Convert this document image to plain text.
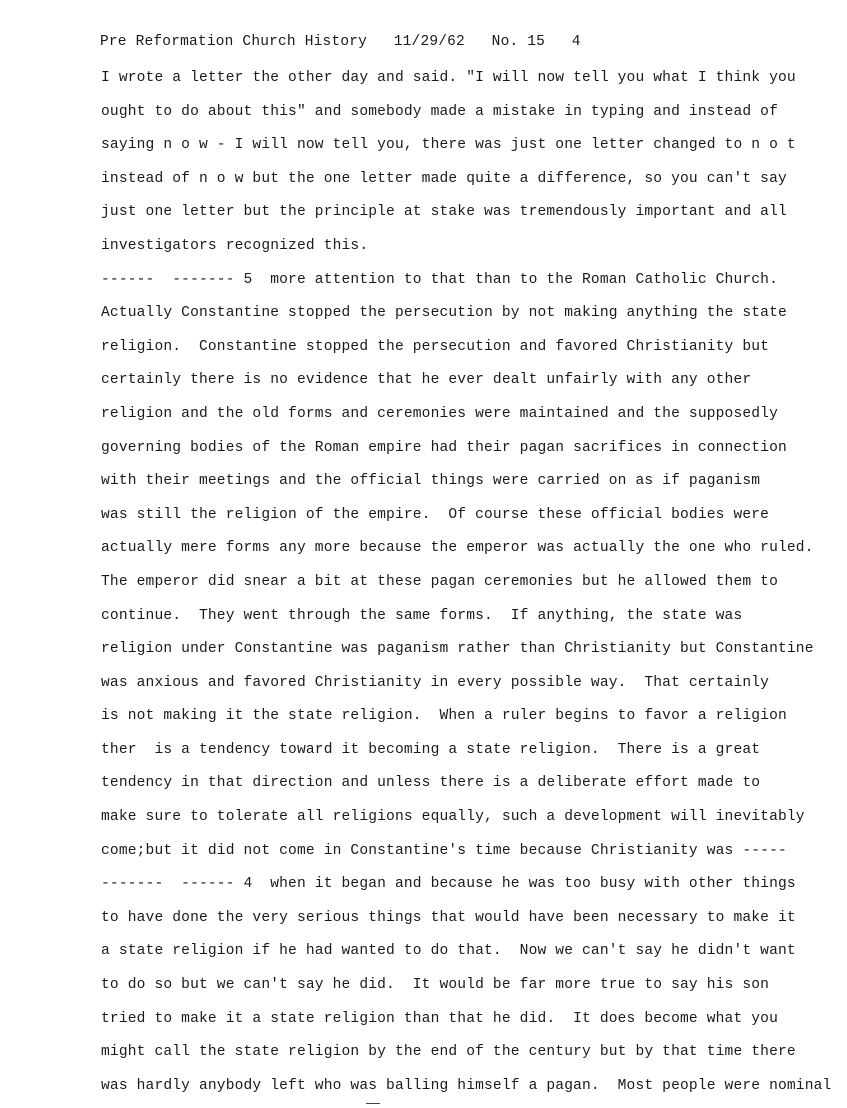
Pre Reformation Church History   11/29/62   No. 15   4
I wrote a letter the other day and said. "I will now tell you what I think you
ought to do about this" and somebody made a mistake in typing and instead of
saying n o w - I will now tell you, there was just one letter changed to n o t
instead of n o w but the one letter made quite a difference, so you can't say
just one letter but the principle at stake was tremendously important and all
investigators recognized this.
------  ------- 5  more attention to that than to the Roman Catholic Church.
Actually Constantine stopped the persecution by not making anything the state
religion.  Constantine stopped the persecution and favored Christianity but
certainly there is no evidence that he ever dealt unfairly with any other
religion and the old forms and ceremonies were maintained and the supposedly
governing bodies of the Roman empire had their pagan sacrifices in connection
with their meetings and the official things were carried on as if paganism
was still the religion of the empire.  Of course these official bodies were
actually mere forms any more because the emperor was actually the one who ruled.
The emperor did snear a bit at these pagan ceremonies but he allowed them to
continue.  They went through the same forms.  If anything, the state was
religion under Constantine was paganism rather than Christianity but Constantine
was anxious and favored Christianity in every possible way.  That certainly
is not making it the state religion.  When a ruler begins to favor a religion
ther  is a tendency toward it becoming a state religion.  There is a great
tendency in that direction and unless there is a deliberate effort made to
make sure to tolerate all religions equally, such a development will inevitably
come;but it did not come in Constantine's time because Christianity was -----
-------  ------ 4  when it began and because he was too busy with other things
to have done the very serious things that would have been necessary to make it
a state religion if he had wanted to do that.  Now we can't say he didn't want
to do so but we can't say he did.  It would be far more true to say his son
tried to make it a state religion than that he did.  It does become what you
might call the state religion by the end of the century but by that time there
was hardly anybody left who was balling himself a pagan.  Most people were nominal
